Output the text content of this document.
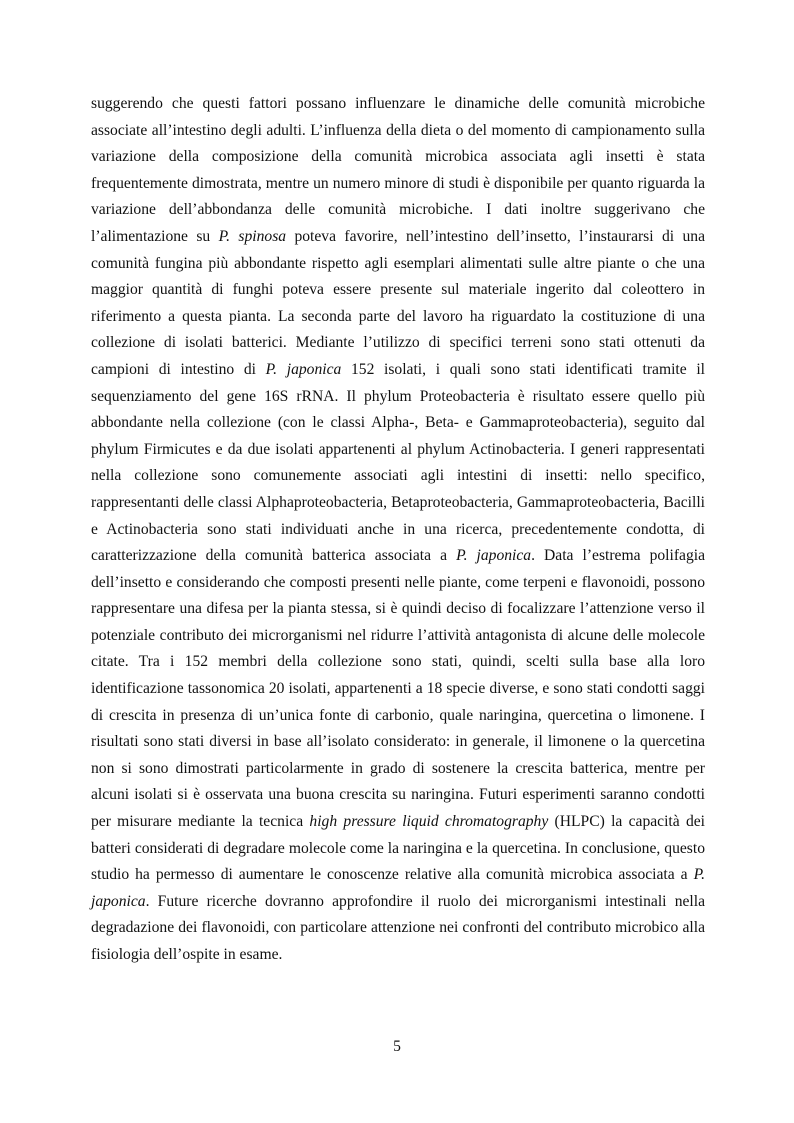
suggerendo che questi fattori possano influenzare le dinamiche delle comunità microbiche associate all’intestino degli adulti. L’influenza della dieta o del momento di campionamento sulla variazione della composizione della comunità microbica associata agli insetti è stata frequentemente dimostrata, mentre un numero minore di studi è disponibile per quanto riguarda la variazione dell’abbondanza delle comunità microbiche. I dati inoltre suggerivano che l’alimentazione su P. spinosa poteva favorire, nell’intestino dell’insetto, l’instaurarsi di una comunità fungina più abbondante rispetto agli esemplari alimentati sulle altre piante o che una maggior quantità di funghi poteva essere presente sul materiale ingerito dal coleottero in riferimento a questa pianta. La seconda parte del lavoro ha riguardato la costituzione di una collezione di isolati batterici. Mediante l’utilizzo di specifici terreni sono stati ottenuti da campioni di intestino di P. japonica 152 isolati, i quali sono stati identificati tramite il sequenziamento del gene 16S rRNA. Il phylum Proteobacteria è risultato essere quello più abbondante nella collezione (con le classi Alpha-, Beta- e Gammaproteobacteria), seguito dal phylum Firmicutes e da due isolati appartenenti al phylum Actinobacteria. I generi rappresentati nella collezione sono comunemente associati agli intestini di insetti: nello specifico, rappresentanti delle classi Alphaproteobacteria, Betaproteobacteria, Gammaproteobacteria, Bacilli e Actinobacteria sono stati individuati anche in una ricerca, precedentemente condotta, di caratterizzazione della comunità batterica associata a P. japonica. Data l’estrema polifagia dell’insetto e considerando che composti presenti nelle piante, come terpeni e flavonoidi, possono rappresentare una difesa per la pianta stessa, si è quindi deciso di focalizzare l’attenzione verso il potenziale contributo dei microrganismi nel ridurre l’attività antagonista di alcune delle molecole citate. Tra i 152 membri della collezione sono stati, quindi, scelti sulla base alla loro identificazione tassonomica 20 isolati, appartenenti a 18 specie diverse, e sono stati condotti saggi di crescita in presenza di un’unica fonte di carbonio, quale naringina, quercetina o limonene. I risultati sono stati diversi in base all’isolato considerato: in generale, il limonene o la quercetina non si sono dimostrati particolarmente in grado di sostenere la crescita batterica, mentre per alcuni isolati si è osservata una buona crescita su naringina. Futuri esperimenti saranno condotti per misurare mediante la tecnica high pressure liquid chromatography (HLPC) la capacità dei batteri considerati di degradare molecole come la naringina e la quercetina. In conclusione, questo studio ha permesso di aumentare le conoscenze relative alla comunità microbica associata a P. japonica. Future ricerche dovranno approfondire il ruolo dei microrganismi intestinali nella degradazione dei flavonoidi, con particolare attenzione nei confronti del contributo microbico alla fisiologia dell’ospite in esame.

5
